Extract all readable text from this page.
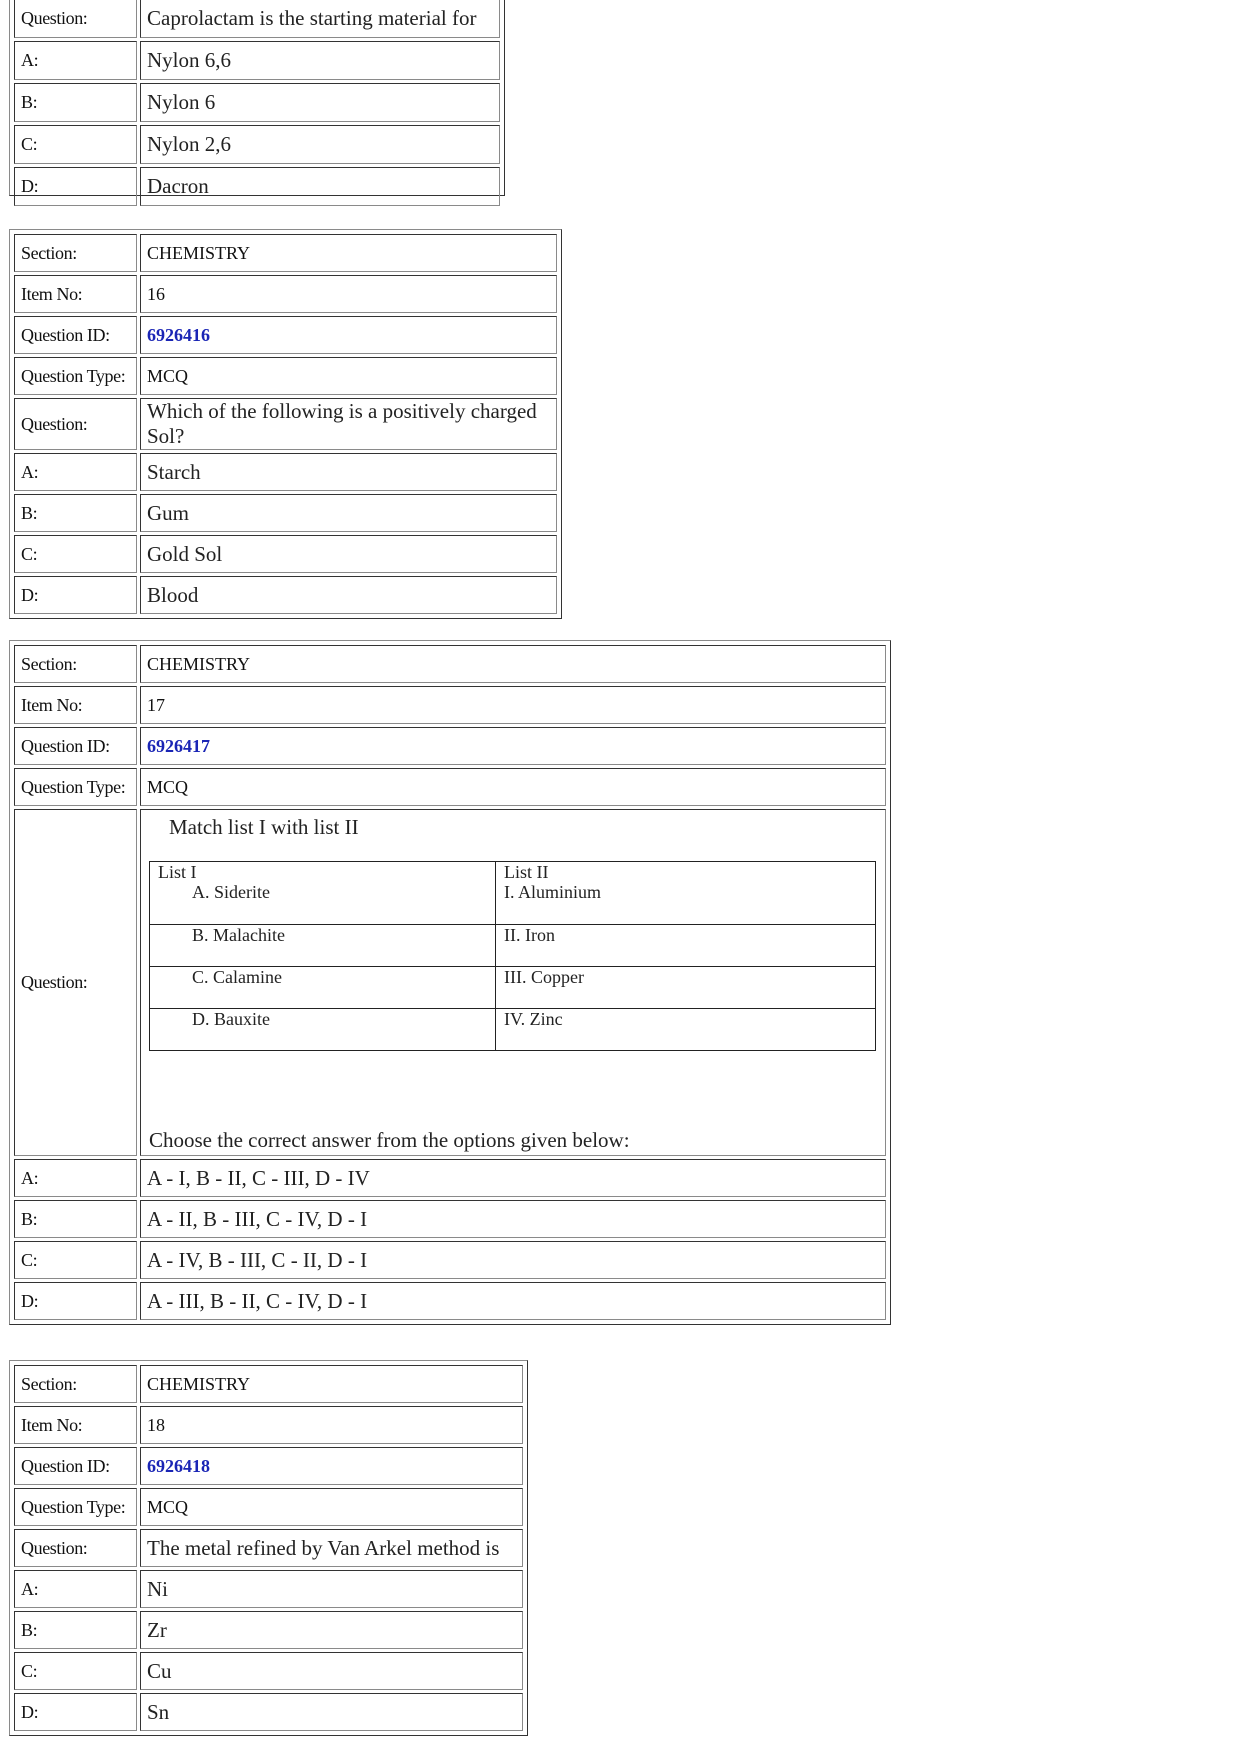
Question:	Caprolactam is the starting material for
A:	Nylon 6,6
B:	Nylon 6
C:	Nylon 2,6
D:	Dacron
Section:	CHEMISTRY
Item No:	16
Question ID:	6926416
Question Type:	MCQ
Question:	Which of the following is a positively charged Sol?
A:	Starch
B:	Gum
C:	Gold Sol
D:	Blood
Section:	CHEMISTRY
Item No:	17
Question ID:	6926417
Question Type:	MCQ
Question:	
Match list I with list II
List I	List II
A. Siderite	I. Aluminium
B. Malachite	II. Iron
C. Calamine	III. Copper
D. Bauxite	IV. Zinc
Choose the correct answer from the options given below:

A:	A - I, B - II, C - III, D - IV
B:	A - II, B - III, C - IV, D - I
C:	A - IV, B - III, C - II, D - I
D:	A - III, B - II, C - IV, D - I
Section:	CHEMISTRY
Item No:	18
Question ID:	6926418
Question Type:	MCQ
Question:	The metal refined by Van Arkel method is
A:	Ni
B:	Zr
C:	Cu
D:	Sn
